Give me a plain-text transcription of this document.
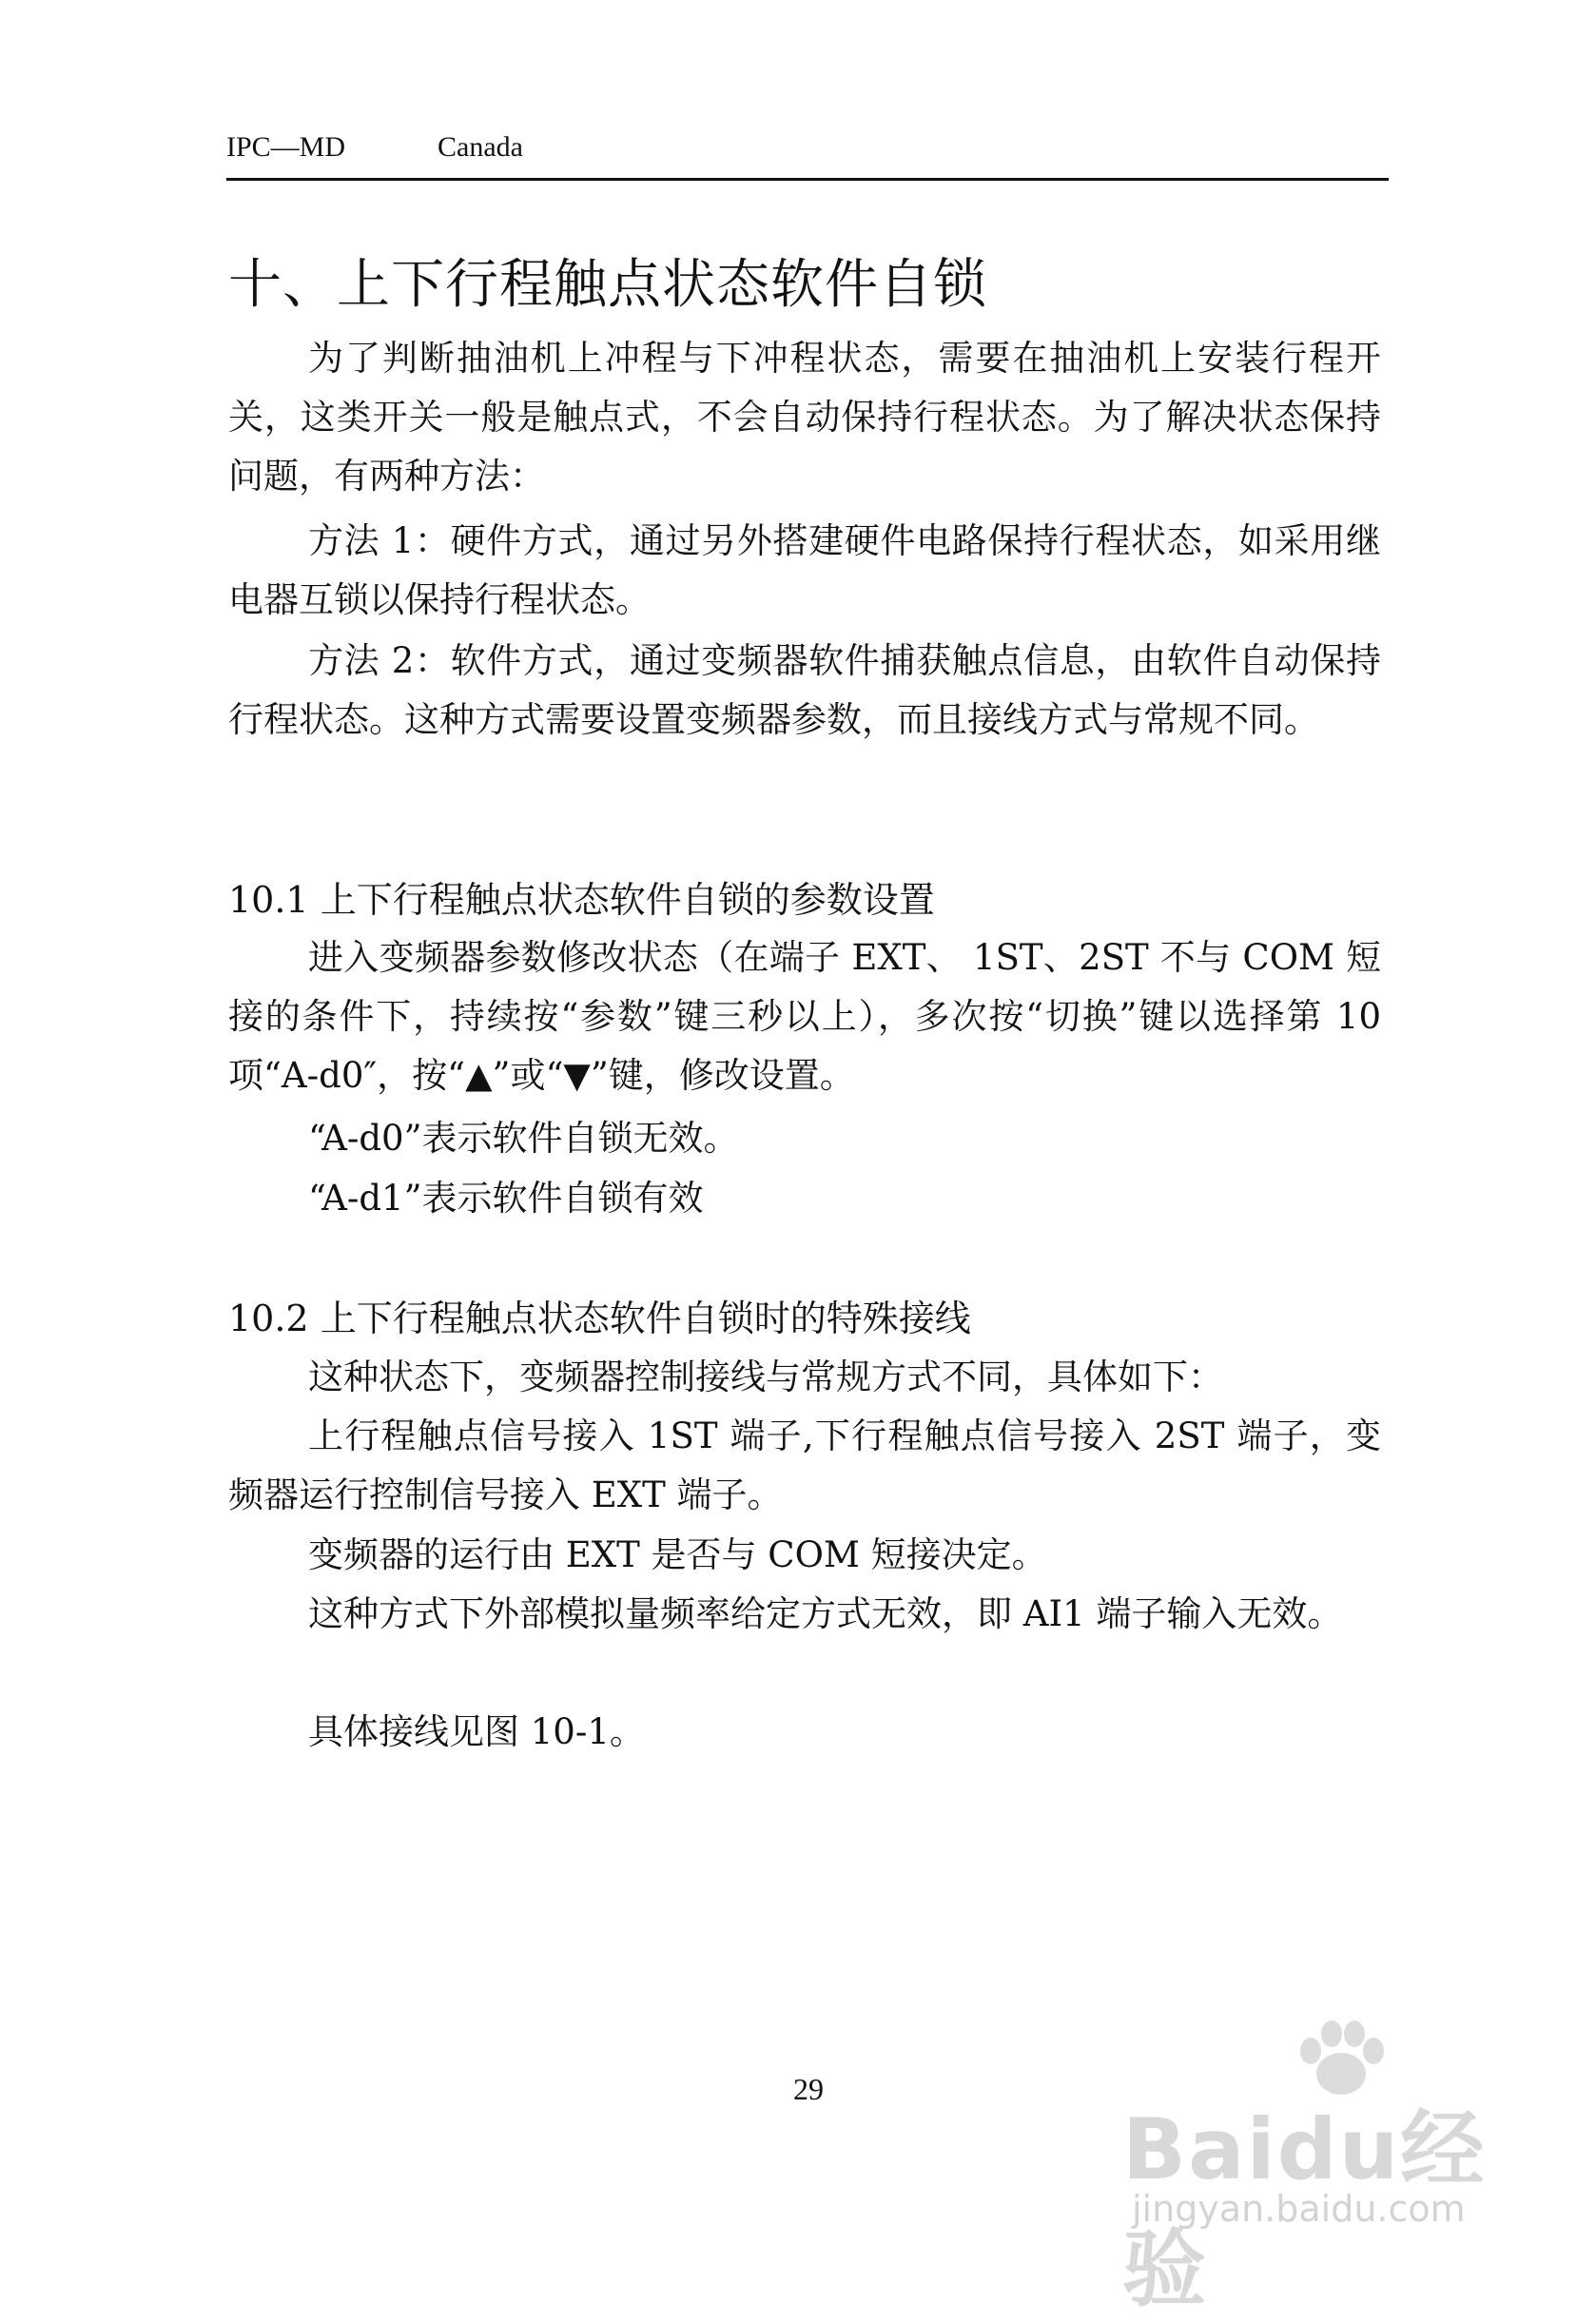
IPC—MD	Canada
十、上下行程触点状态软件自锁

为了判断抽油机上冲程与下冲程状态，需要在抽油机上安装行程开关，这类开关一般是触点式，不会自动保持行程状态。为了解决状态保持问题，有两种方法：

方法 1：硬件方式，通过另外搭建硬件电路保持行程状态，如采用继电器互锁以保持行程状态。

方法 2：软件方式，通过变频器软件捕获触点信息，由软件自动保持行程状态。这种方式需要设置变频器参数，而且接线方式与常规不同。

10.1 上下行程触点状态软件自锁的参数设置

进入变频器参数修改状态（在端子 EXT、 1ST、2ST 不与 COM 短接的条件下，持续按“参数”键三秒以上），多次按“切换”键以选择第 10 项“A-d0″，按“▲”或“▼”键，修改设置。

“A-d0”表示软件自锁无效。

“A-d1”表示软件自锁有效

10.2 上下行程触点状态软件自锁时的特殊接线

这种状态下，变频器控制接线与常规方式不同，具体如下：

上行程触点信号接入 1ST 端子,下行程触点信号接入 2ST 端子，变频器运行控制信号接入 EXT 端子。

变频器的运行由 EXT 是否与 COM 短接决定。

这种方式下外部模拟量频率给定方式无效，即 AI1 端子输入无效。

具体接线见图 10-1。

29
Baidu经验
jingyan.baidu.com
